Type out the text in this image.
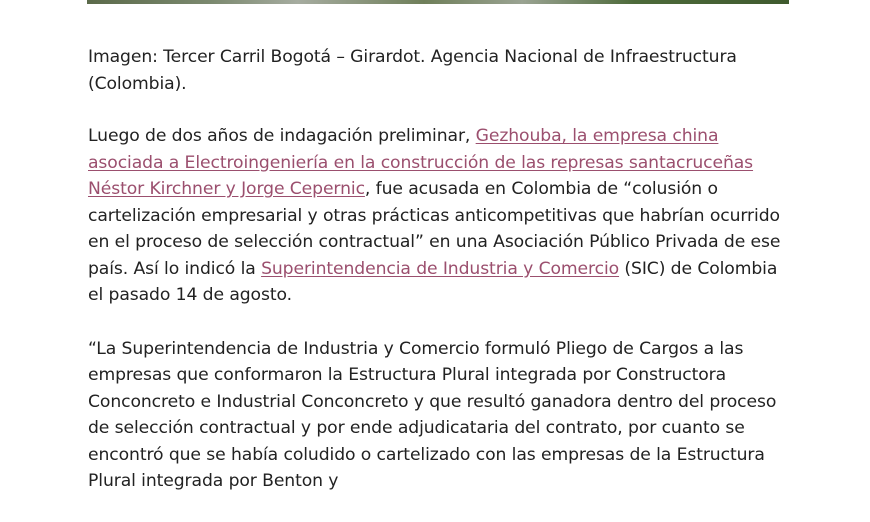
Imagen: Tercer Carril Bogotá – Girardot. Agencia Nacional de Infraestructura (Colombia).

Luego de dos años de indagación preliminar, Gezhouba, la empresa china asociada a Electroingeniería en la construcción de las represas santacruceñas Néstor Kirchner y Jorge Cepernic, fue acusada en Colombia de “colusión o cartelización empresarial y otras prácticas anticompetitivas que habrían ocurrido en el proceso de selección contractual” en una Asociación Público Privada de ese país. Así lo indicó la Superintendencia de Industria y Comercio (SIC) de Colombia el pasado 14 de agosto.

“La Superintendencia de Industria y Comercio formuló Pliego de Cargos a las empresas que conformaron la Estructura Plural integrada por Constructora Conconcreto e Industrial Conconcreto y que resultó ganadora dentro del proceso de selección contractual y por ende adjudicataria del contrato, por cuanto se encontró que se había coludido o cartelizado con las empresas de la Estructura Plural integrada por Benton y
